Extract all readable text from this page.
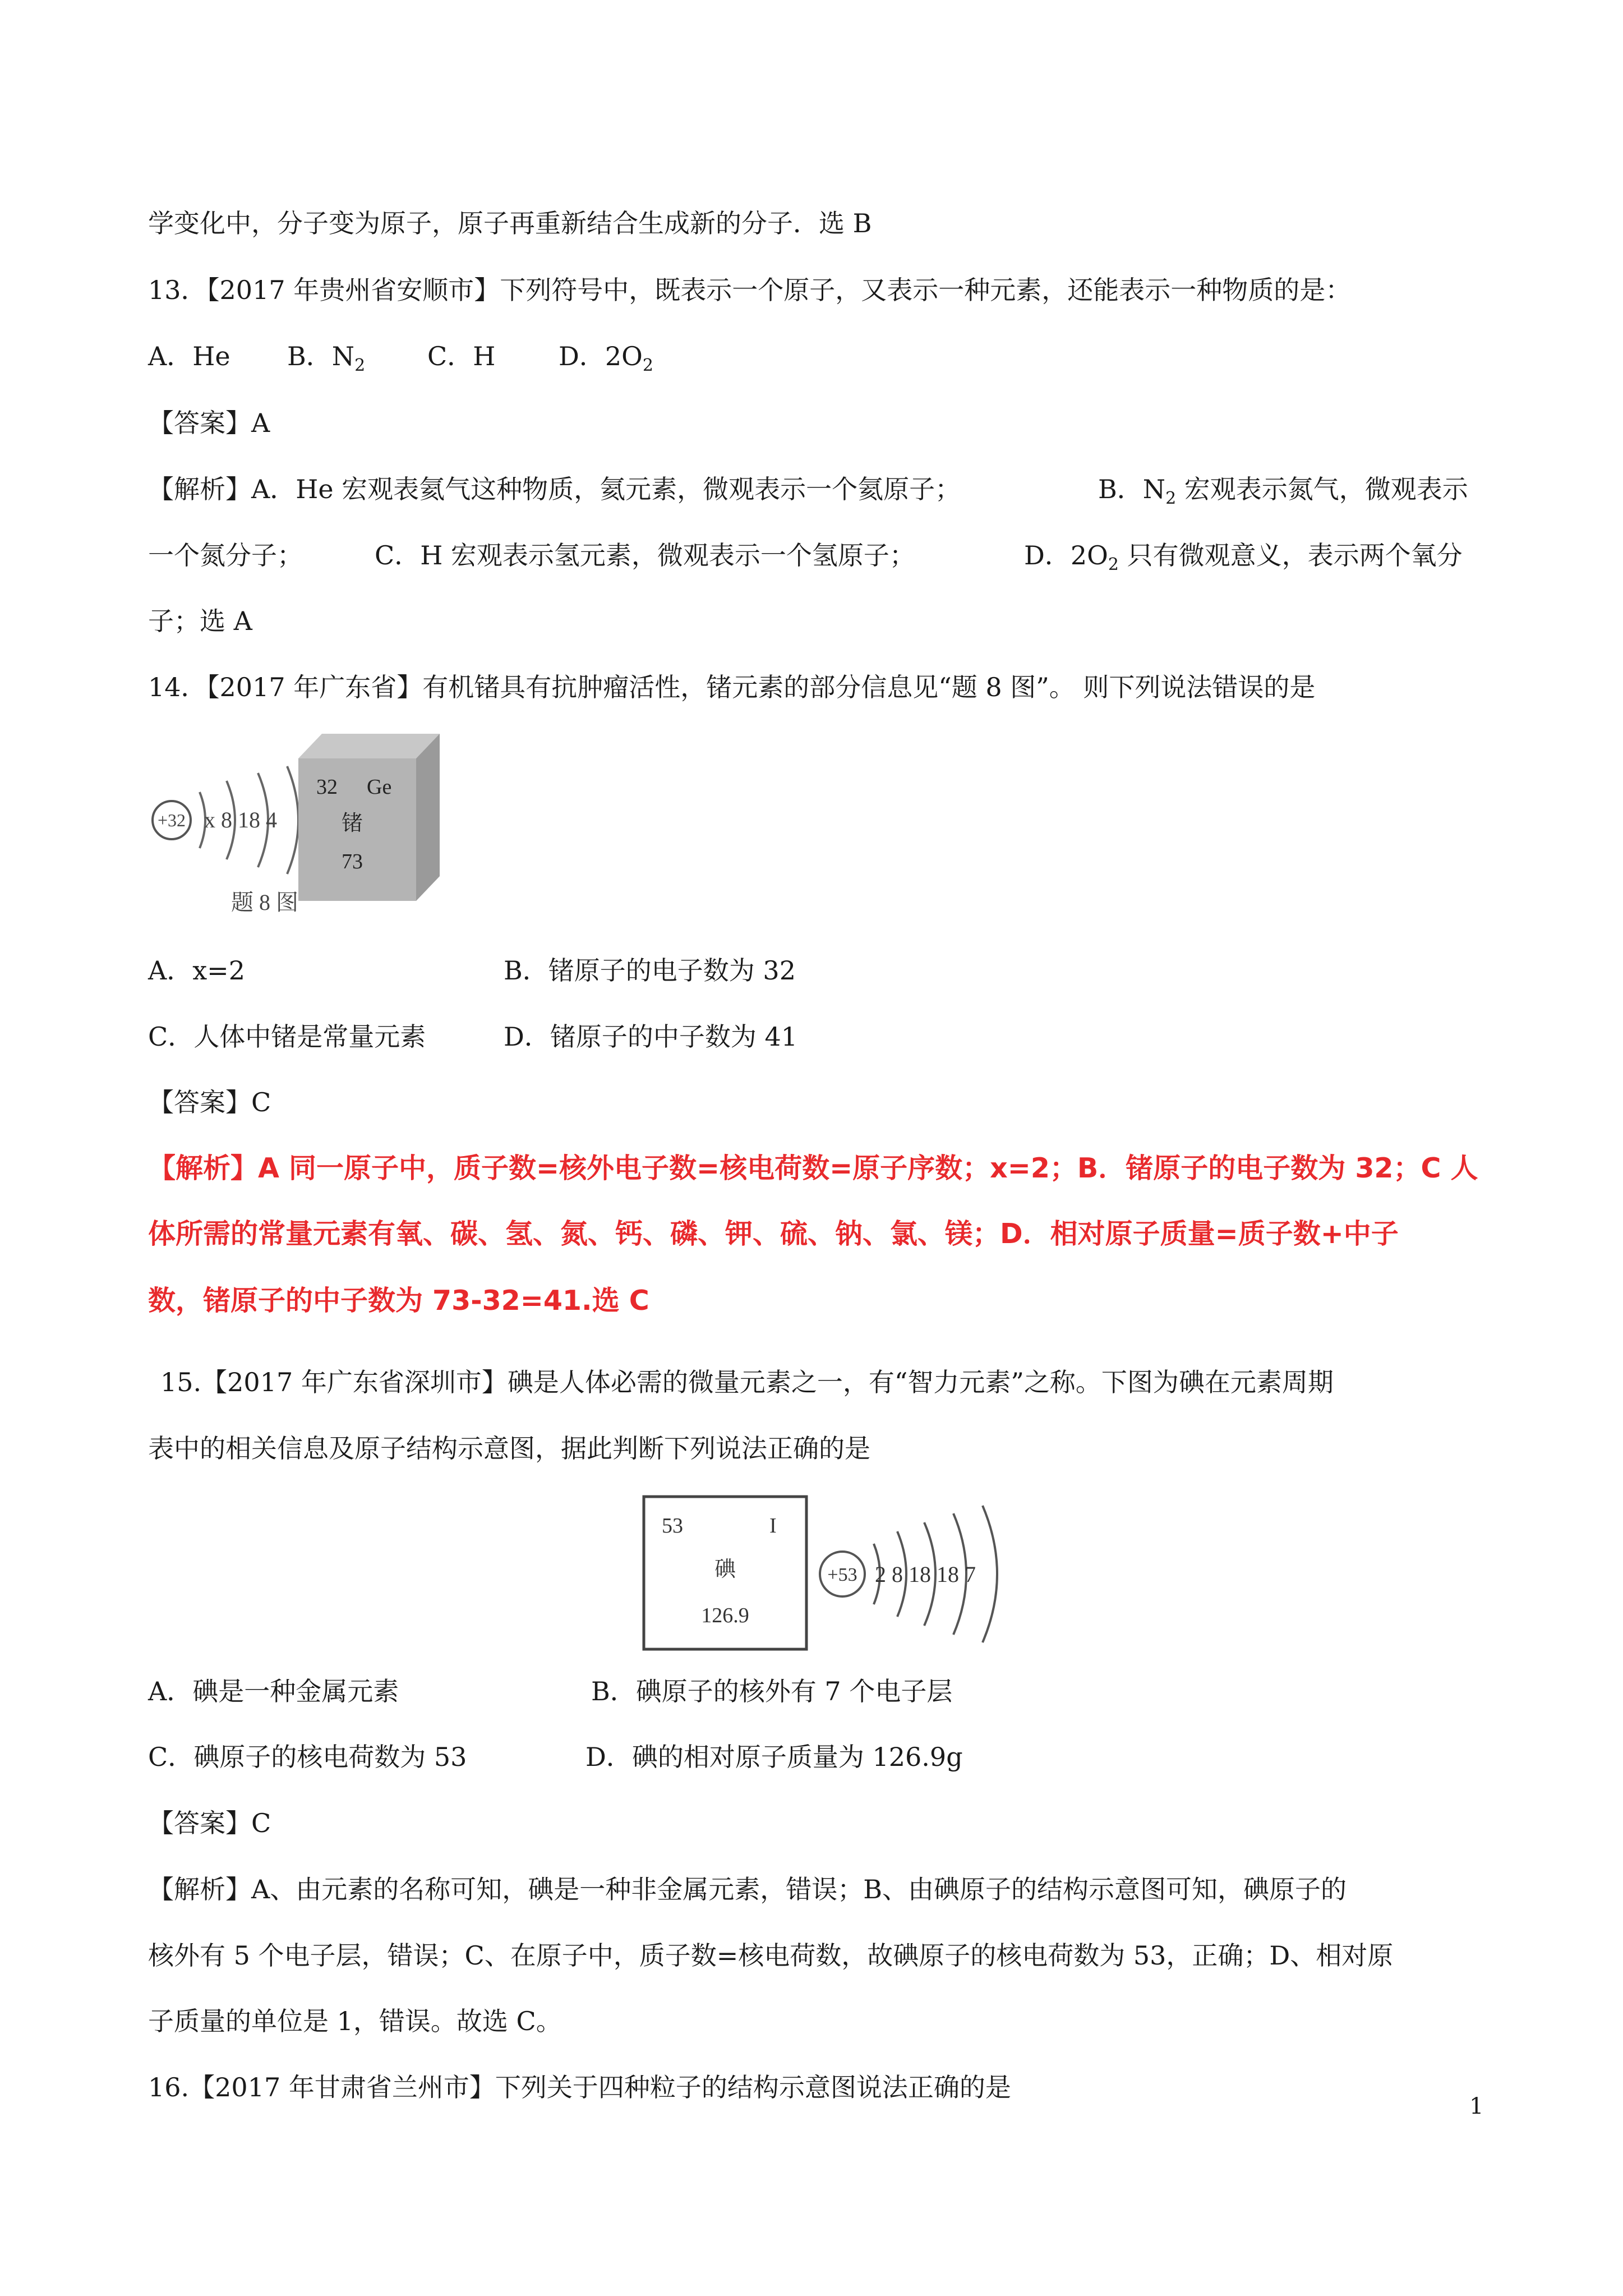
学变化中，分子变为原子，原子再重新结合生成新的分子．选 B
13．【2017 年贵州省安顺市】下列符号中，既表示一个原子，又表示一种元素，还能表示一种物质的是：
A．He B．$N_2$ C．H D．$2O_2$
【答案】A
【解析】A．He 宏观表氦气这种物质，氦元素，微观表示一个氦原子；	B．$N_2$ 宏观表示氮气，微观表示
一个氮分子；	C．H 宏观表示氢元素，微观表示一个氢原子；	D．$2O_2$ 只有微观意义，表示两个氧分
子；选 A
14．【2017 年广东省】有机锗具有抗肿瘤活性，锗元素的部分信息见“题 8 图”。 则下列说法错误的是
+32 x 8 18 4
32 Ge
锗
73
题 8 图
A．x=2	B．锗原子的电子数为 32
C．人体中锗是常量元素	D．锗原子的中子数为 41
【答案】C
【解析】A 同一原子中，质子数=核外电子数=核电荷数=原子序数；x=2；B．锗原子的电子数为 32；C 人
体所需的常量元素有氧、碳、氢、氮、钙、磷、钾、硫、钠、氯、镁；D．相对原子质量=质子数+中子
数，锗原子的中子数为 73-32=41.选 C
15.【2017 年广东省深圳市】碘是人体必需的微量元素之一，有“智力元素”之称。下图为碘在元素周期
表中的相关信息及原子结构示意图，据此判断下列说法正确的是
53	I
碘
126.9
+53 2 8 18 18 7
A．碘是一种金属元素	B．碘原子的核外有 7 个电子层
C．碘原子的核电荷数为 53	D．碘的相对原子质量为 126.9g
【答案】C
【解析】A、由元素的名称可知，碘是一种非金属元素，错误；B、由碘原子的结构示意图可知，碘原子的
核外有 5 个电子层，错误；C、在原子中，质子数=核电荷数，故碘原子的核电荷数为 53，正确；D、相对原
子质量的单位是 1，错误。故选 C。
16.【2017 年甘肃省兰州市】下列关于四种粒子的结构示意图说法正确的是
1
